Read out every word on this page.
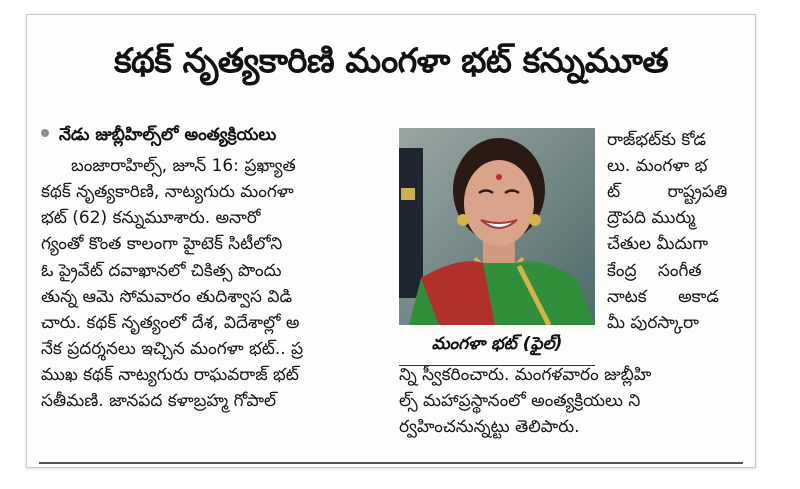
కథక్ నృత్యకారిణి మంగళా భట్ కన్నుమూత
నేడు జుబ్లీహిల్స్‌లో అంత్యక్రియలు
బంజారాహిల్స్, జూన్ 16: ప్రఖ్యాత
కథక్ నృత్యకారిణి, నాట్యగురు మంగళా
భట్ (62) కన్నుమూశారు. అనారో
గ్యంతో కొంత కాలంగా హైటెక్ సిటీలోని
ఓ ప్రైవేట్ దవాఖానలో చికిత్స పొందు
తున్న ఆమె సోమవారం తుదిశ్వాస విడి
చారు. కథక్ నృత్యంలో దేశ, విదేశాల్లో అ
నేక ప్రదర్శనలు ఇచ్చిన మంగళా భట్.. ప్ర
ముఖ కథక్ నాట్యగురు రాఘవరాజ్ భట్
సతీమణి. జానపద కళాబ్రహ్మ గోపాల్
మంగళా భట్ (ఫైల్)
రాజ్‌భట్‌కు కోడ
లు. మంగళా భ
ట్ రాష్ట్రపతి
ద్రౌపది ముర్ము
చేతుల మీదుగా
కేంద్ర సంగీత
నాటక అకాడ
మీ పురస్కారా
న్ని స్వీకరించారు. మంగళవారం జుబ్లీహి
ల్స్ మహాప్రస్థానంలో అంత్యక్రియలు ని
ర్వహించనున్నట్టు తెలిపారు.
